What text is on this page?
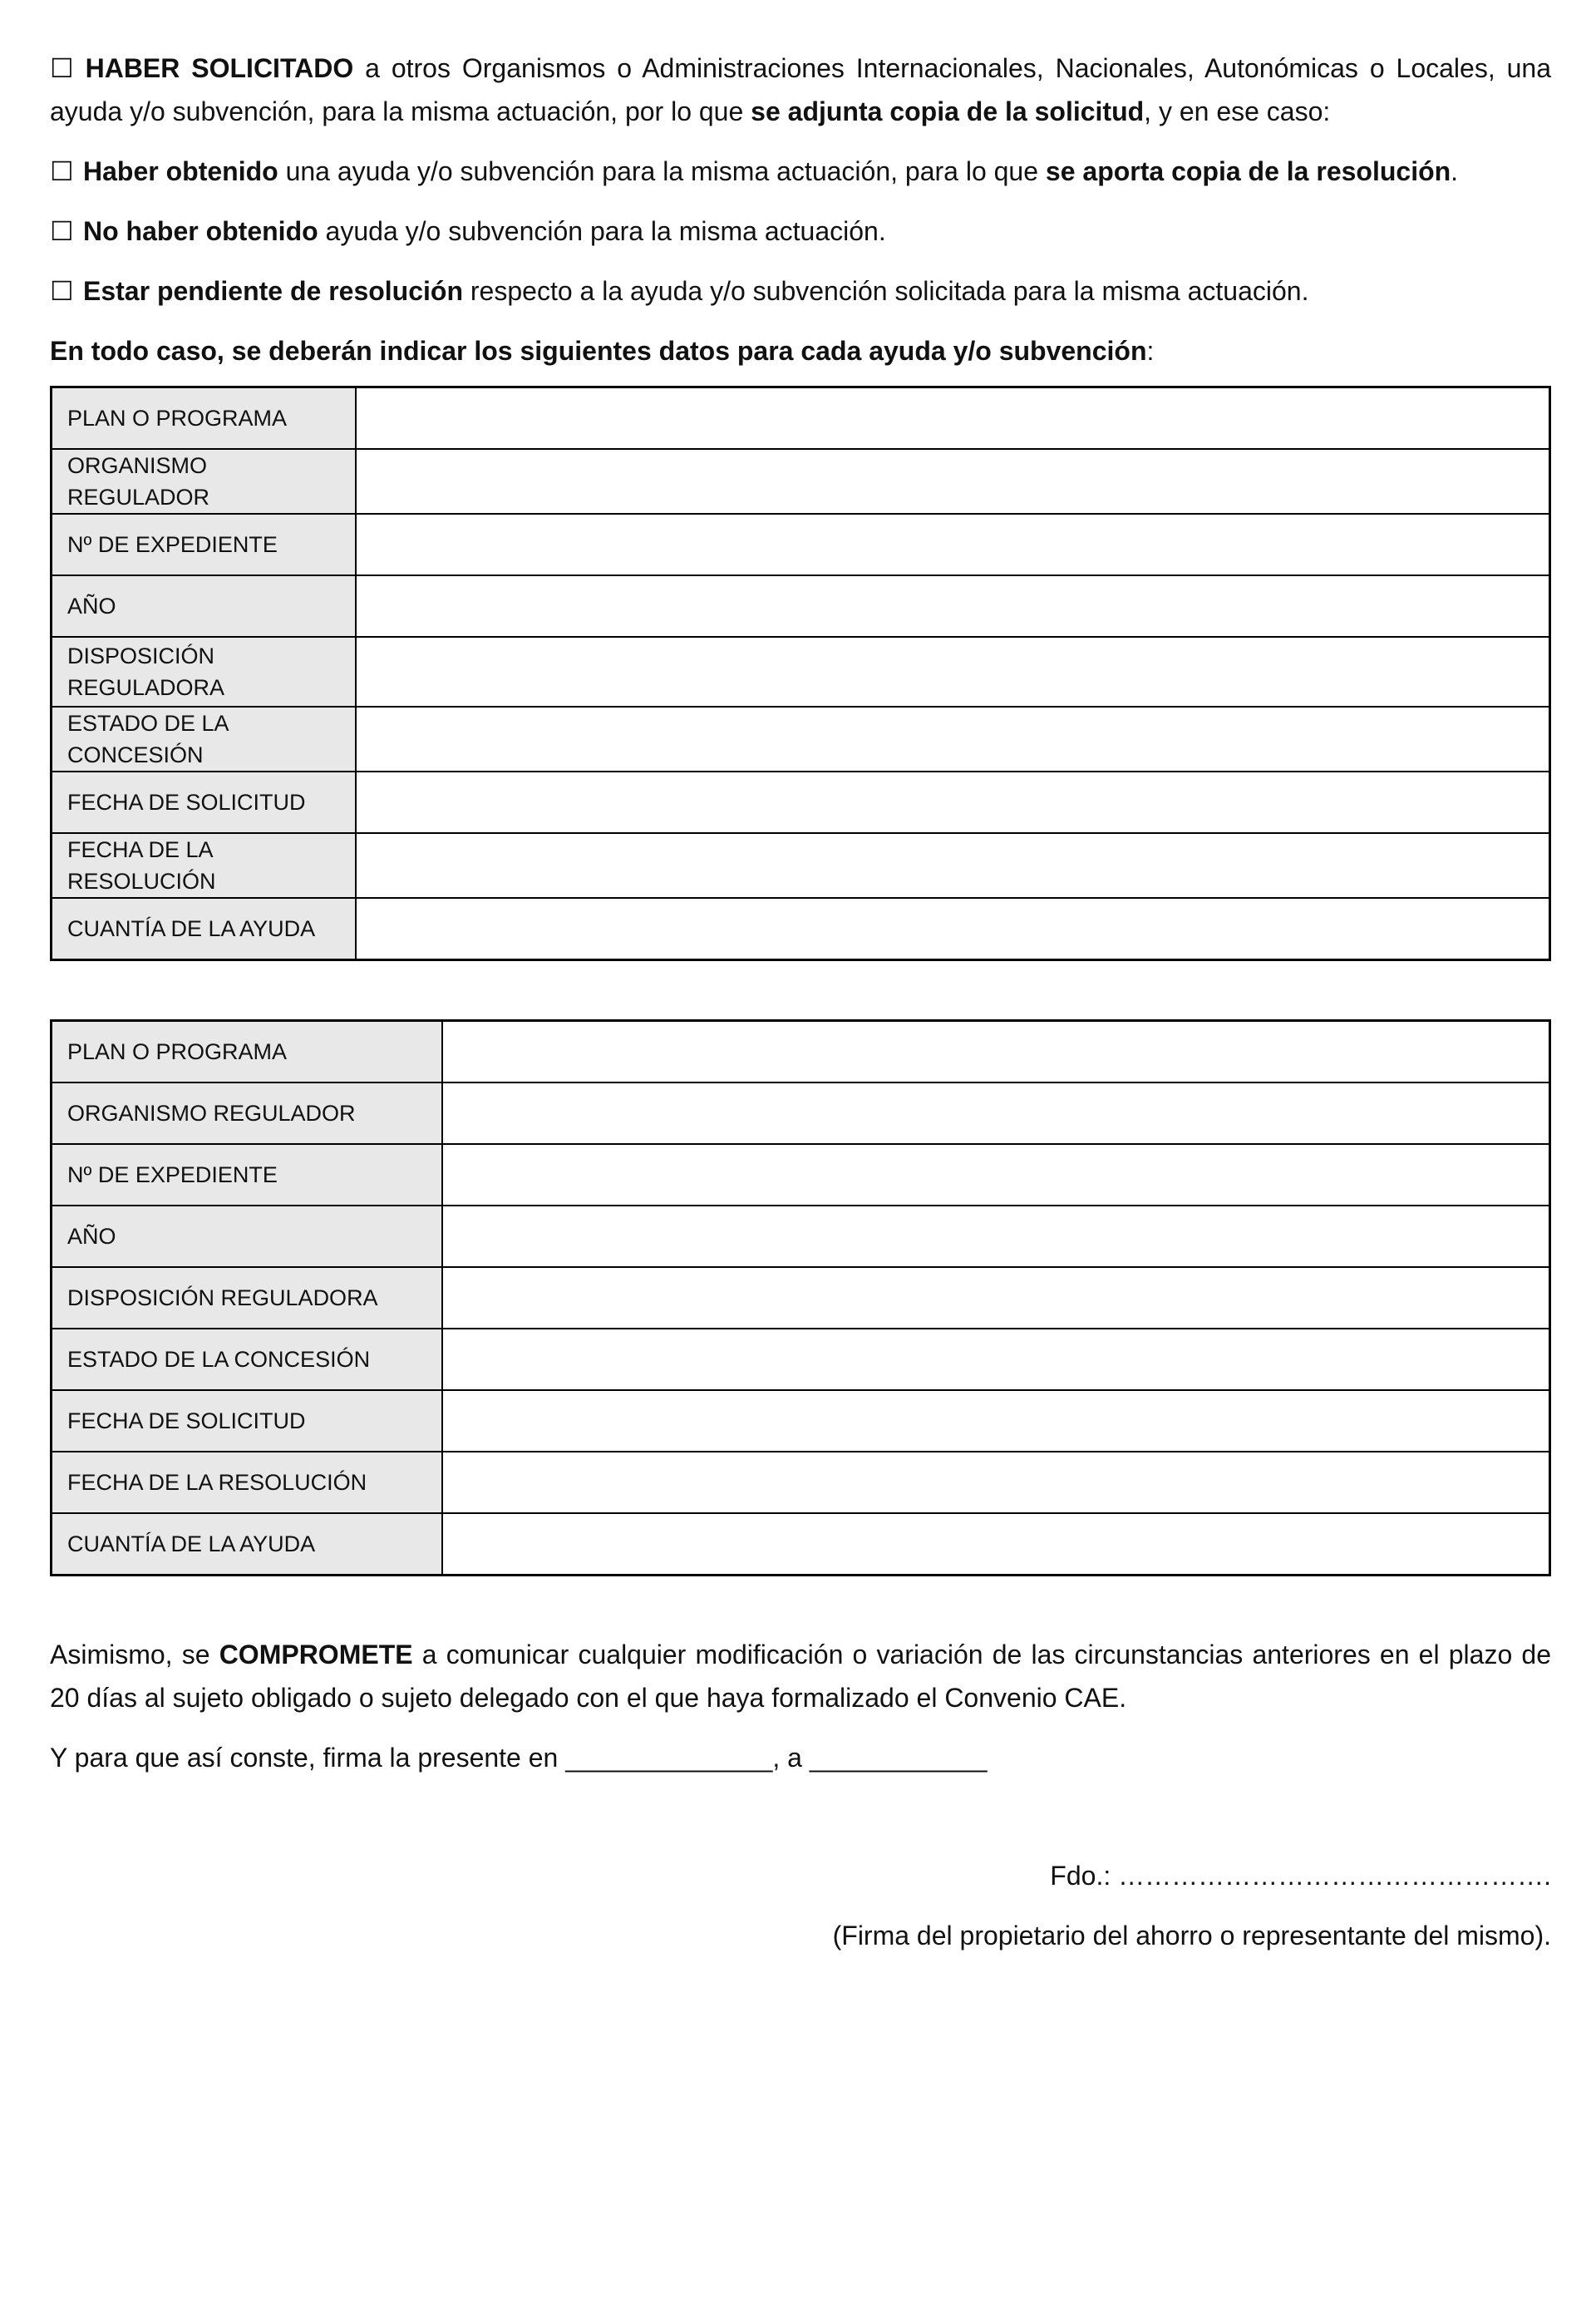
☐ HABER SOLICITADO a otros Organismos o Administraciones Internacionales, Nacionales, Autonómicas o Locales, una ayuda y/o subvención, para la misma actuación, por lo que se adjunta copia de la solicitud, y en ese caso:

☐ Haber obtenido una ayuda y/o subvención para la misma actuación, para lo que se aporta copia de la resolución.

☐ No haber obtenido ayuda y/o subvención para la misma actuación.

☐ Estar pendiente de resolución respecto a la ayuda y/o subvención solicitada para la misma actuación.

En todo caso, se deberán indicar los siguientes datos para cada ayuda y/o subvención:

PLAN O PROGRAMA	
ORGANISMO REGULADOR	
Nº DE EXPEDIENTE	
AÑO	
DISPOSICIÓN REGULADORA	
ESTADO DE LA CONCESIÓN	
FECHA DE SOLICITUD	
FECHA DE LA RESOLUCIÓN	
CUANTÍA DE LA AYUDA	
PLAN O PROGRAMA	
ORGANISMO REGULADOR	
Nº DE EXPEDIENTE	
AÑO	
DISPOSICIÓN REGULADORA	
ESTADO DE LA CONCESIÓN	
FECHA DE SOLICITUD	
FECHA DE LA RESOLUCIÓN	
CUANTÍA DE LA AYUDA	

Asimismo, se COMPROMETE a comunicar cualquier modificación o variación de las circunstancias anteriores en el plazo de 20 días al sujeto obligado o sujeto delegado con el que haya formalizado el Convenio CAE.

Y para que así conste, firma la presente en ______________, a ____________

Fdo.: ………………………………………….

(Firma del propietario del ahorro o representante del mismo).
